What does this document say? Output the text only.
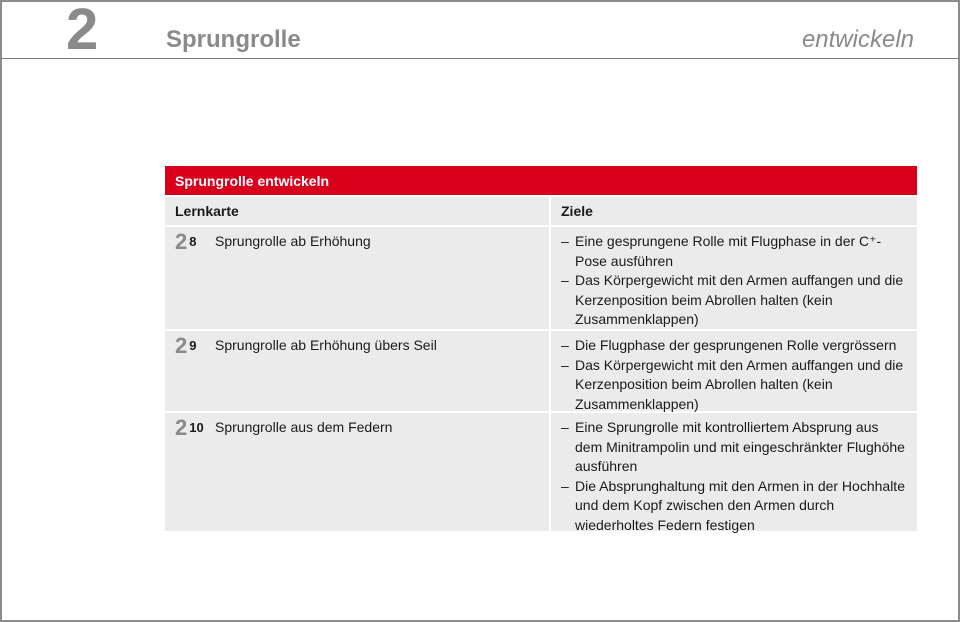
2	Sprungrolle	entwickeln
Sprungrolle entwickeln
Lernkarte	Ziele
2 8	Sprungrolle ab Erhöhung	– Eine gesprungene Rolle mit Flugphase in der C⁺-Pose ausführen
– Das Körpergewicht mit den Armen auffangen und die Kerzenposition beim Abrollen halten (kein Zusammenklappen)
2 9	Sprungrolle ab Erhöhung übers Seil	– Die Flugphase der gesprungenen Rolle vergrössern
– Das Körpergewicht mit den Armen auffangen und die Kerzenposition beim Abrollen halten (kein Zusammenklappen)
2 10 Sprungrolle aus dem Federn	– Eine Sprungrolle mit kontrolliertem Absprung aus dem Minitrampolin und mit eingeschränkter Flughöhe ausführen
– Die Absprunghaltung mit den Armen in der Hochhalte und dem Kopf zwischen den Armen durch wiederholtes Federn festigen
